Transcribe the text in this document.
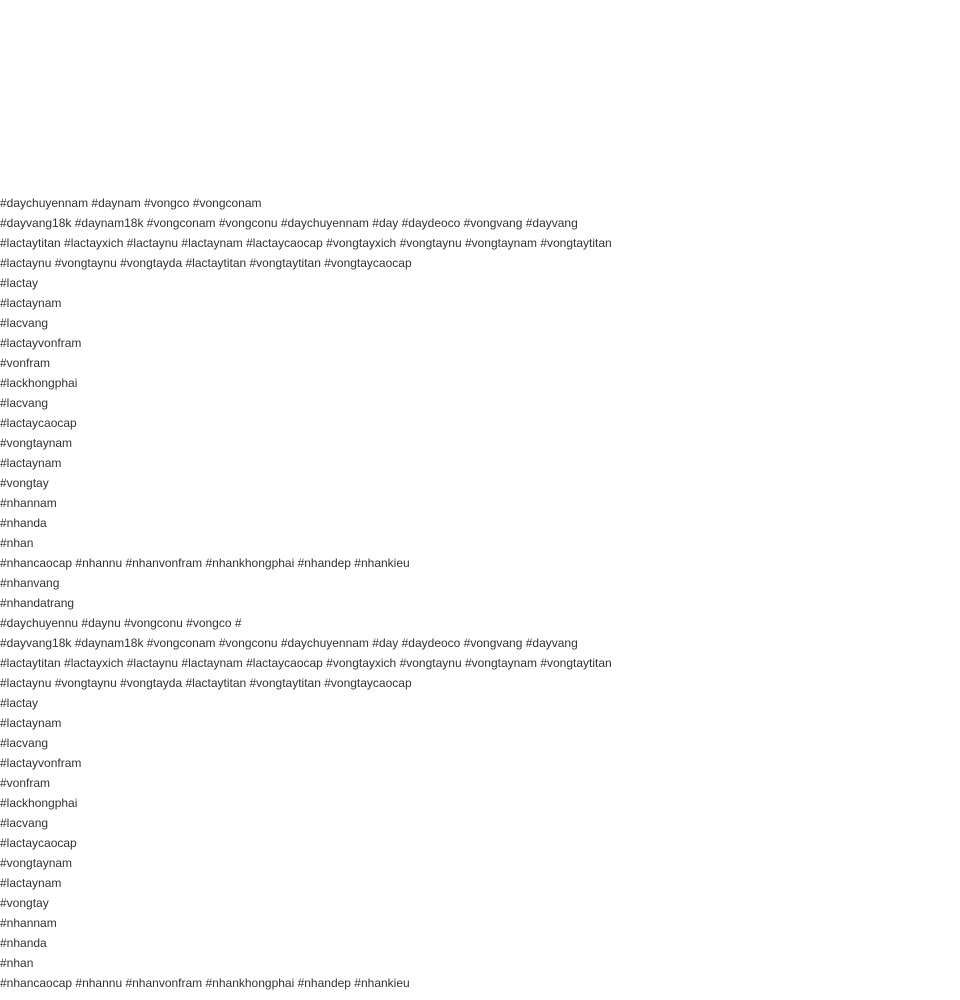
#daychuyennam #daynam #vongco #vongconam
#dayvang18k #daynam18k #vongconam #vongconu #daychuyennam #day #daydeoco #vongvang #dayvang
#lactaytitan #lactayxich #lactaynu #lactaynam #lactaycaocap #vongtayxich #vongtaynu #vongtaynam #vongtaytitan
#lactaynu #vongtaynu #vongtayda #lactaytitan #vongtaytitan #vongtaycaocap
#lactay
#lactaynam
#lacvang
#lactayvonfram
#vonfram
#lackhongphai
#lacvang
#lactaycaocap
#vongtaynam
#lactaynam
#vongtay
#nhannam
#nhanda
#nhan
#nhancaocap #nhannu #nhanvonfram #nhankhongphai #nhandep #nhankieu
#nhanvang
#nhandatrang
#daychuyennu #daynu #vongconu #vongco #
#dayvang18k #daynam18k #vongconam #vongconu #daychuyennam #day #daydeoco #vongvang #dayvang
#lactaytitan #lactayxich #lactaynu #lactaynam #lactaycaocap #vongtayxich #vongtaynu #vongtaynam #vongtaytitan
#lactaynu #vongtaynu #vongtayda #lactaytitan #vongtaytitan #vongtaycaocap
#lactay
#lactaynam
#lacvang
#lactayvonfram
#vonfram
#lackhongphai
#lacvang
#lactaycaocap
#vongtaynam
#lactaynam
#vongtay
#nhannam
#nhanda
#nhan
#nhancaocap #nhannu #nhanvonfram #nhankhongphai #nhandep #nhankieu
